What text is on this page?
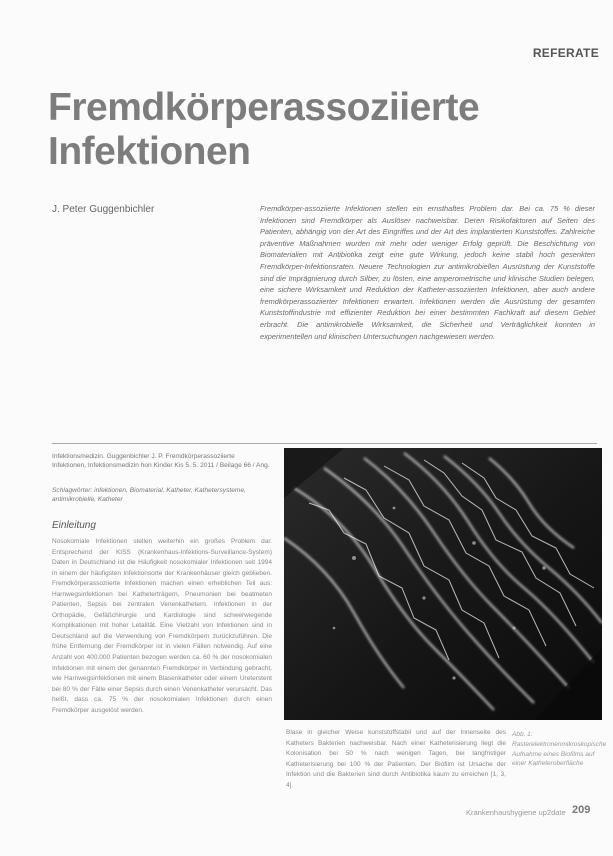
REFERATE
Fremdkörperassoziierte
Infektionen
J. Peter Guggenbichler	Fremdkörper-assoziierte Infektionen stellen ein ernsthaftes Problem dar. Bei ca. 75 % dieser Infektionen sind Fremdkörper als Auslöser nachweisbar. Deren Risikofaktoren auf Seiten des Patienten, abhängig von der Art des Eingriffes und der Art des implantierten Kunststoffes. Zahlreiche präventive Maßnahmen wurden mit mehr oder weniger Erfolg geprüft. Die Beschichtung von Biomaterialien mit Antibiotika zeigt eine gute Wirkung, jedoch keine stabil hoch gesenkten Fremdkörper-Infektionsraten. Neuere Technologien zur antimikrobiellen Ausrüstung der Kunststoffe sind die Imprägnierung durch Silber, zu lösten, eine amperometrische und klinische Studien belegen, eine sichere Wirksamkeit und Reduktion der Katheter-assoziierten Infektionen, aber auch andere fremdkörperassoziierter Infektionen erwarten. Infektionen werden die Ausrüstung der gesamten Kunststoffindustrie mit effizienter Reduktion bei einer bestimmten Fachkraft auf diesem Gebiet erbracht. Die antimikrobielle Wirksamkeit, die Sicherheit und Verträglichkeit konnten in experimentellen und klinischen Untersuchungen nachgewiesen werden.

Infektionsmedizin. Guggenbichler J. P. Fremdkörperassoziierte Infektionen, Infektionsmedizin hon Kinder Kis 5. 5. 2011 / Beilage 66 / Ang.

Schlagwörter: infektionen, Biomaterial, Katheter, Kathetersysteme, antimikrobielle, Katheter

Einleitung

Nosokomiale Infektionen stellen weiterhin ein großes Problem dar. Entsprechend der KISS (Krankenhaus-Infektions-Surveillance-System) Daten in Deutschland ist die Häufigkeit nosokomialer Infektionen seit 1994 in einem der häufigsten Infektionsorte der Krankenhäuser gleich geblieben. Fremdkörperassoziierte Infektionen machen einen erheblichen Teil aus: Harnwegsinfektionen bei Katheterträgern, Pneumonien bei beatmeten Patienten, Sepsis bei zentralen Venenkathetern. Infektionen in der Orthopädie, Gefäßchirurgie und Kardiologie sind schwerwiegende Komplikationen mit hoher Letalität. Eine Vielzahl von Infektionen sind in Deutschland auf die Verwendung von Fremdkörpern zurückzuführen. Die frühe Entfernung der Fremdkörper ist in vielen Fällen notwendig. Auf eine Anzahl von 400.000 Patienten bezogen werden ca. 60 % der nosokomialen Infektionen mit einem der genannten Fremdkörper in Verbindung gebracht, wie Harnwegsinfektionen mit einem Blasenkatheter oder einem Ureterstent bei 80 % der Fälle einer Sepsis durch einen Venenkatheter verursacht. Das heißt, dass ca. 75 % der nosokomialen Infektionen durch einen Fremdkörper ausgelöst werden.

Blase in gleicher Weise kunststoffstabil und auf der Innenseite des Katheters Bakterien nachweisbar. Nach einer Katheterisierung liegt die Kolonisation bei 50 % nach wenigen Tagen, bei langfristiger Katheterisierung bei 100 % der Patienten. Der Biofilm ist Ursache der Infektion und die Bakterien sind durch Antibiotika kaum zu erreichen [1, 3, 4].

Abb. 1: Rasterelektronenmikroskopische Aufnahme eines Biofilms auf einer Katheteroberfläche

Krankenhaushygiene up2date 209
